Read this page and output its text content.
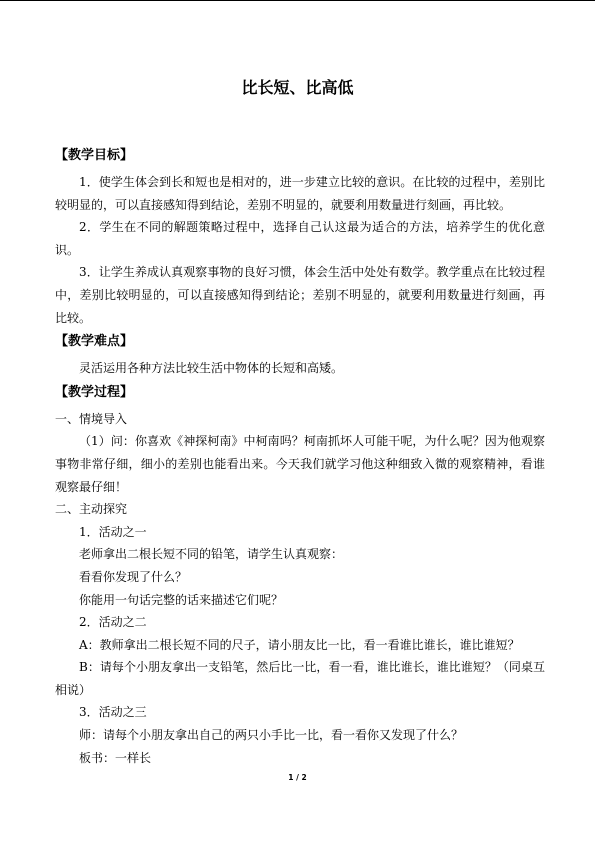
比长短、比高低
【教学目标】

1．使学生体会到长和短也是相对的，进一步建立比较的意识。在比较的过程中，差别比较明显的，可以直接感知得到结论，差别不明显的，就要利用数量进行刻画，再比较。

2．学生在不同的解题策略过程中，选择自己认这最为适合的方法，培养学生的优化意识。

3．让学生养成认真观察事物的良好习惯，体会生活中处处有数学。教学重点在比较过程中，差别比较明显的，可以直接感知得到结论；差别不明显的，就要利用数量进行刻画，再比较。

【教学难点】

灵活运用各种方法比较生活中物体的长短和高矮。

【教学过程】

一、情境导入

（1）问：你喜欢《神探柯南》中柯南吗？柯南抓坏人可能干呢，为什么呢？因为他观察事物非常仔细，细小的差别也能看出来。今天我们就学习他这种细致入微的观察精神，看谁观察最仔细！

二、主动探究

1．活动之一

老师拿出二根长短不同的铅笔，请学生认真观察：

看看你发现了什么？

你能用一句话完整的话来描述它们呢？

2．活动之二

A：教师拿出二根长短不同的尺子，请小朋友比一比，看一看谁比谁长，谁比谁短？

B：请每个小朋友拿出一支铅笔，然后比一比，看一看，谁比谁长，谁比谁短？（同桌互相说）

3．活动之三

师：请每个小朋友拿出自己的两只小手比一比，看一看你又发现了什么？

板书：一样长

1 / 2
